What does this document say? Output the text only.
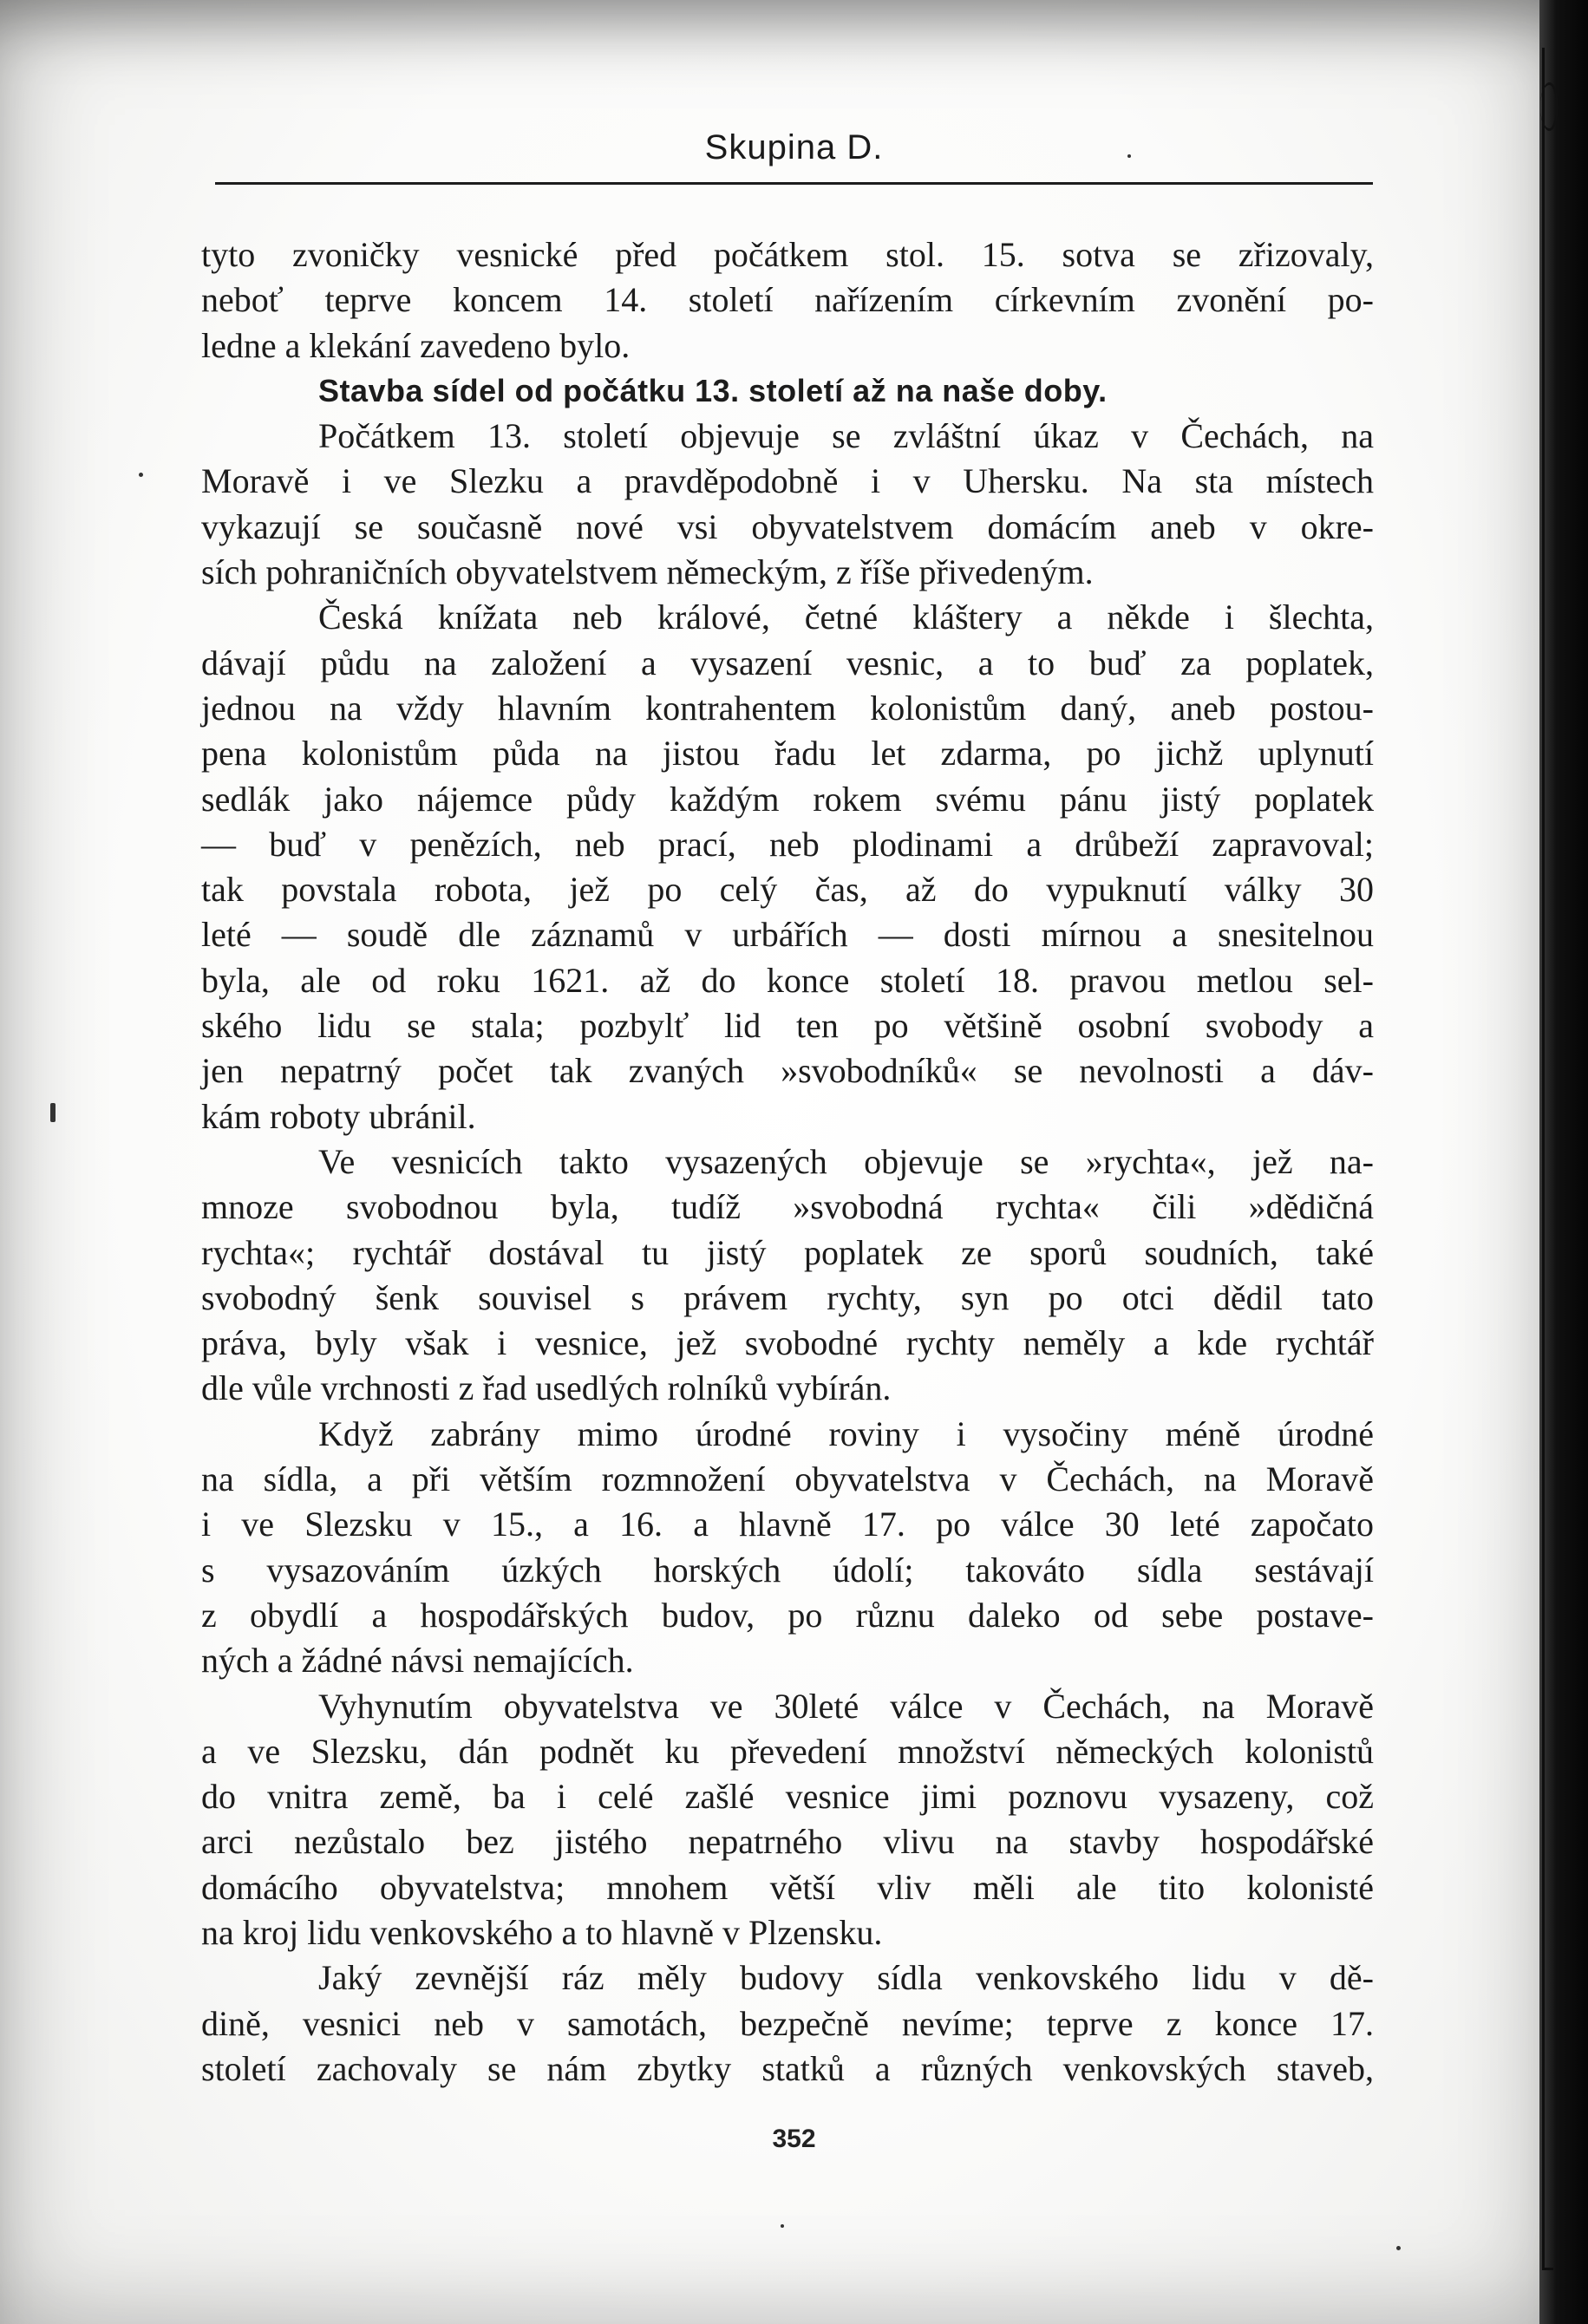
Skupina D.
tyto zvoničky vesnické před počátkem stol. 15. sotva se zřizovaly,
neboť teprve koncem 14. století nařízením církevním zvonění po-
ledne a klekání zavedeno bylo.
Stavba sídel od počátku 13. století až na naše doby.
Počátkem 13. století objevuje se zvláštní úkaz v Čechách, na
Moravě i ve Slezku a pravděpodobně i v Uhersku. Na sta místech
vykazují se současně nové vsi obyvatelstvem domácím aneb v okre-
sích pohraničních obyvatelstvem německým, z říše přivedeným.
Česká knížata neb králové, četné kláštery a někde i šlechta,
dávají půdu na založení a vysazení vesnic, a to buď za poplatek,
jednou na vždy hlavním kontrahentem kolonistům daný, aneb postou-
pena kolonistům půda na jistou řadu let zdarma, po jichž uplynutí
sedlák jako nájemce půdy každým rokem svému pánu jistý poplatek
— buď v penězích, neb prací, neb plodinami a drůbeží zapravoval;
tak povstala robota, jež po celý čas, až do vypuknutí války 30
leté — soudě dle záznamů v urbářích — dosti mírnou a snesitelnou
byla, ale od roku 1621. až do konce století 18. pravou metlou sel-
ského lidu se stala; pozbylť lid ten po většině osobní svobody a
jen nepatrný počet tak zvaných »svobodníků« se nevolnosti a dáv-
kám roboty ubránil.
Ve vesnicích takto vysazených objevuje se »rychta«, jež na-
mnoze svobodnou byla, tudíž »svobodná rychta« čili »dědičná
rychta«; rychtář dostával tu jistý poplatek ze sporů soudních, také
svobodný šenk souvisel s právem rychty, syn po otci dědil tato
práva, byly však i vesnice, jež svobodné rychty neměly a kde rychtář
dle vůle vrchnosti z řad usedlých rolníků vybírán.
Když zabrány mimo úrodné roviny i vysočiny méně úrodné
na sídla, a při větším rozmnožení obyvatelstva v Čechách, na Moravě
i ve Slezsku v 15., a 16. a hlavně 17. po válce 30 leté započato
s vysazováním úzkých horských údolí; takováto sídla sestávají
z obydlí a hospodářských budov, po různu daleko od sebe postave-
ných a žádné návsi nemajících.
Vyhynutím obyvatelstva ve 30leté válce v Čechách, na Moravě
a ve Slezsku, dán podnět ku převedení množství německých kolonistů
do vnitra země, ba i celé zašlé vesnice jimi poznovu vysazeny, což
arci nezůstalo bez jistého nepatrného vlivu na stavby hospodářské
domácího obyvatelstva; mnohem větší vliv měli ale tito kolonisté
na kroj lidu venkovského a to hlavně v Plzensku.
Jaký zevnější ráz měly budovy sídla venkovského lidu v dě-
dině, vesnici neb v samotách, bezpečně nevíme; teprve z konce 17.
století zachovaly se nám zbytky statků a různých venkovských staveb,
352
